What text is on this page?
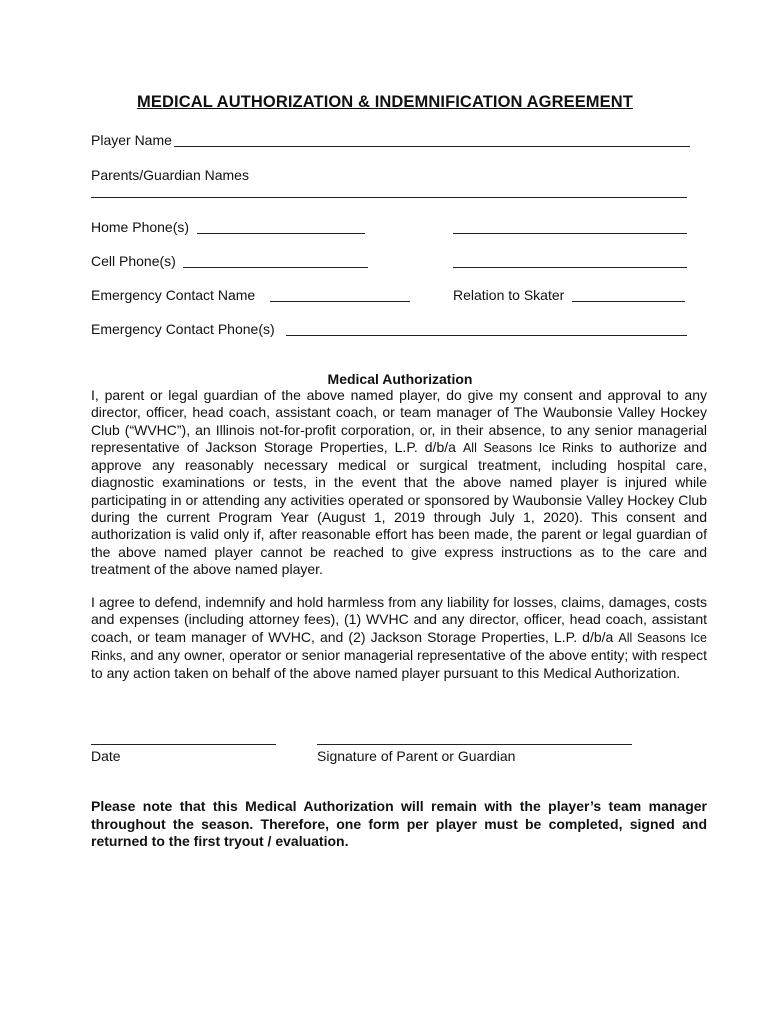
MEDICAL AUTHORIZATION & INDEMNIFICATION AGREEMENT
Player Name
Parents/Guardian Names
Home Phone(s)
Cell Phone(s)
Emergency Contact Name	Relation to Skater
Emergency Contact Phone(s)
Medical Authorization
I, parent or legal guardian of the above named player, do give my consent and approval to any director, officer, head coach, assistant coach, or team manager of The Waubonsie Valley Hockey Club (“WVHC”), an Illinois not-for-profit corporation, or, in their absence, to any senior managerial representative of Jackson Storage Properties, L.P. d/b/a All Seasons Ice Rinks to authorize and approve any reasonably necessary medical or surgical treatment, including hospital care, diagnostic examinations or tests, in the event that the above named player is injured while participating in or attending any activities operated or sponsored by Waubonsie Valley Hockey Club during the current Program Year (August 1, 2019 through July 1, 2020). This consent and authorization is valid only if, after reasonable effort has been made, the parent or legal guardian of the above named player cannot be reached to give express instructions as to the care and treatment of the above named player.
I agree to defend, indemnify and hold harmless from any liability for losses, claims, damages, costs and expenses (including attorney fees), (1) WVHC and any director, officer, head coach, assistant coach, or team manager of WVHC, and (2) Jackson Storage Properties, L.P. d/b/a All Seasons Ice Rinks, and any owner, operator or senior managerial representative of the above entity; with respect to any action taken on behalf of the above named player pursuant to this Medical Authorization.
Date	Signature of Parent or Guardian
Please note that this Medical Authorization will remain with the player’s team manager throughout the season. Therefore, one form per player must be completed, signed and returned to the first tryout / evaluation.
